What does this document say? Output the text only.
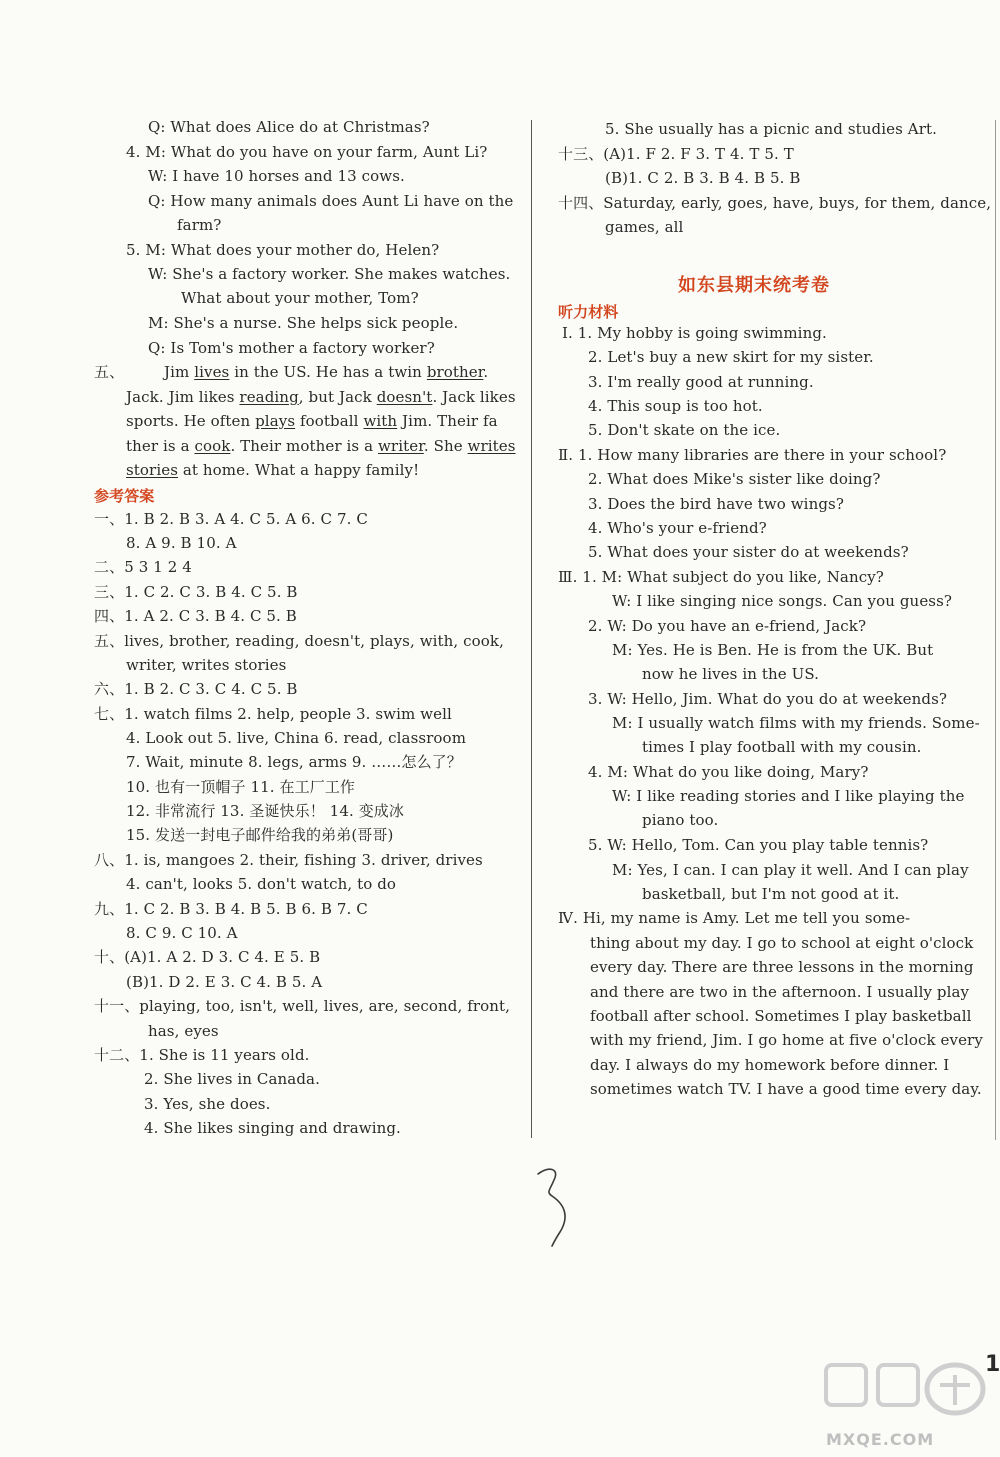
Q: What does Alice do at Christmas?
4. M: What do you have on your farm, Aunt Li?
W: I have 10 horses and 13 cows.
Q: How many animals does Aunt Li have on the
farm?
5. M: What does your mother do, Helen?
W: She's a factory worker. She makes watches.
What about your mother, Tom?
M: She's a nurse. She helps sick people.
Q: Is Tom's mother a factory worker?
五、	Jim lives in the US. He has a twin brother.
Jack. Jim likes reading, but Jack doesn't. Jack likes
sports. He often plays football with Jim. Their fa
ther is a cook. Their mother is a writer. She writes
stories at home. What a happy family!
参考答案
一、1. B 2. B 3. A 4. C 5. A 6. C 7. C
8. A 9. B 10. A
二、5 3 1 2 4
三、1. C 2. C 3. B 4. C 5. B
四、1. A 2. C 3. B 4. C 5. B
五、lives, brother, reading, doesn't, plays, with, cook,
writer, writes stories
六、1. B 2. C 3. C 4. C 5. B
七、1. watch films 2. help, people 3. swim well
4. Look out 5. live, China 6. read, classroom
7. Wait, minute 8. legs, arms 9. ……怎么了？
10. 也有一顶帽子 11. 在工厂工作
12. 非常流行 13. 圣诞快乐！ 14. 变成冰
15. 发送一封电子邮件给我的弟弟(哥哥)
八、1. is, mangoes 2. their, fishing 3. driver, drives
4. can't, looks 5. don't watch, to do
九、1. C 2. B 3. B 4. B 5. B 6. B 7. C
8. C 9. C 10. A
十、(A)1. A 2. D 3. C 4. E 5. B
(B)1. D 2. E 3. C 4. B 5. A
十一、playing, too, isn't, well, lives, are, second, front,
has, eyes
十二、1. She is 11 years old.
2. She lives in Canada.
3. Yes, she does.
4. She likes singing and drawing.
5. She usually has a picnic and studies Art.
十三、(A)1. F 2. F 3. T 4. T 5. T
(B)1. C 2. B 3. B 4. B 5. B
十四、Saturday, early, goes, have, buys, for them, dance,
games, all
如东县期末统考卷
听力材料
Ⅰ. 1. My hobby is going swimming.
2. Let's buy a new skirt for my sister.
3. I'm really good at running.
4. This soup is too hot.
5. Don't skate on the ice.
Ⅱ. 1. How many libraries are there in your school?
2. What does Mike's sister like doing?
3. Does the bird have two wings?
4. Who's your e-friend?
5. What does your sister do at weekends?
Ⅲ. 1. M: What subject do you like, Nancy?
W: I like singing nice songs. Can you guess?
2. W: Do you have an e-friend, Jack?
M: Yes. He is Ben. He is from the UK. But
now he lives in the US.
3. W: Hello, Jim. What do you do at weekends?
M: I usually watch films with my friends. Some-
times I play football with my cousin.
4. M: What do you like doing, Mary?
W: I like reading stories and I like playing the
piano too.
5. W: Hello, Tom. Can you play table tennis?
M: Yes, I can. I can play it well. And I can play
basketball, but I'm not good at it.
Ⅳ. Hi, my name is Amy. Let me tell you some-
thing about my day. I go to school at eight o'clock
every day. There are three lessons in the morning
and there are two in the afternoon. I usually play
football after school. Sometimes I play basketball
with my friend, Jim. I go home at five o'clock every
day. I always do my homework before dinner. I
sometimes watch TV. I have a good time every day.
1
MXQE.COM
